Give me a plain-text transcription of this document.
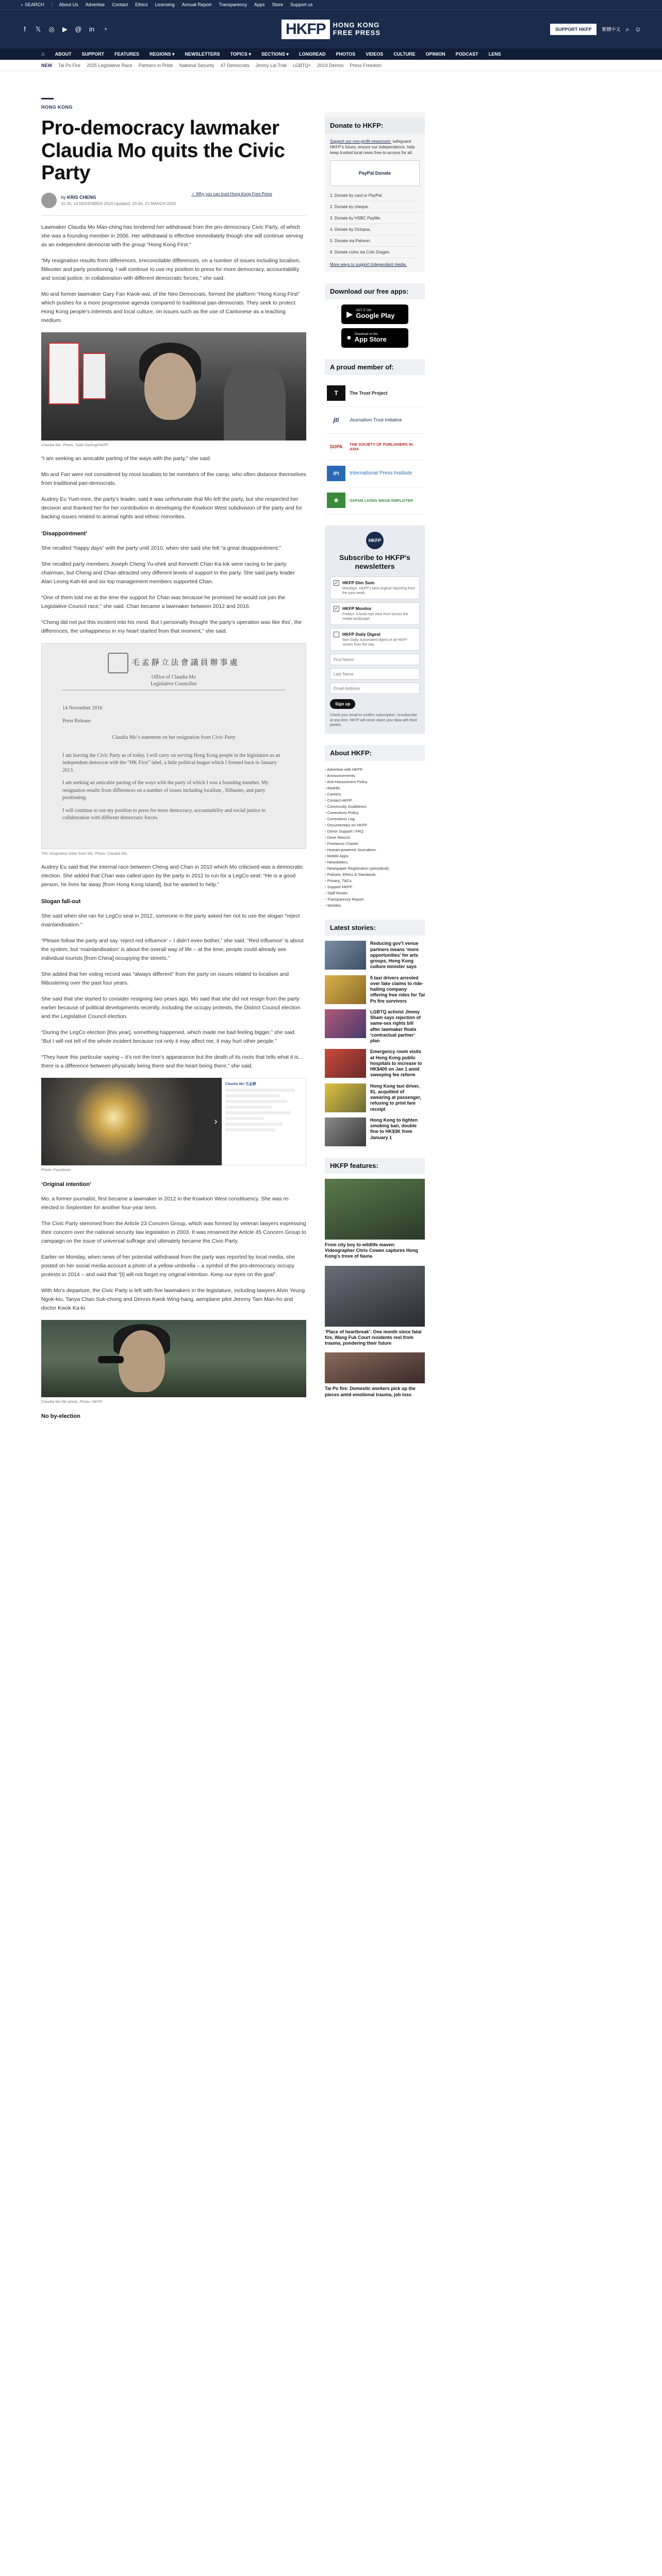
⌕ SEARCH	About Us Advertise Contact Ethics Licensing Annual Report Transparency Apps Store Support us
f	𝕏 ◎ ▶ @ in	◔	HKFP	HONG KONG
FREE PRESS	SUPPORT HKFP	繁體中文 ⌕ ☺
⌂ ABOUT SUPPORT FEATURES REGIONS ▾ NEWSLETTERS TOPICS ▾ SECTIONS ▾ LONGREAD PHOTOS VIDEOS CULTURE OPINION PODCAST LENS
NEW Tai Po Fire 2025 Legislative Race Partners in Pride National Security 47 Democrats Jimmy Lai Trial LGBTQ+ 2019 Demos Press Freedom
HONG KONG
Pro-democracy lawmaker Claudia Mo quits the Civic Party
by KRIS CHENG
15:30, 14 NOVEMBER 2016 Updated: 20:44, 21 MARCH 2020
✓ Why you can trust Hong Kong Free Press

Lawmaker Claudia Mo Man-ching has tendered her withdrawal from the pro-democracy Civic Party, of which she was a founding member in 2006. Her withdrawal is effective immediately though she will continue serving as an independent democrat with the group “Hong Kong First.”

“My resignation results from differences, irreconcilable differences, on a number of issues including localism, filibuster and party positioning. I will continue to use my position to press for more democracy, accountability and social justice, in collaboration with different democratic forces,” she said.

Mo and former lawmaker Gary Fan Kwok-wai, of the Neo Democrats, formed the platform “Hong Kong First” which pushes for a more progressive agenda compared to traditional pan-democrats. They seek to protect Hong Kong people’s interests and local culture, on issues such as the use of Cantonese as a teaching medium.

Claudia Mo. Photo: Todd Darling/HKFP.

“I am seeking an amicable parting of the ways with the party,” she said.

Mo and Fan were not considered by most localists to be members of the camp, who often distance themselves from traditional pan-democrats.

Audrey Eu Yuet-mee, the party’s leader, said it was unfortunate that Mo left the party, but she respected her decision and thanked her for her contribution in developing the Kowloon West subdivision of the party and for backing issues related to animal rights and ethnic minorities.

‘Disappointment’

She recalled “happy days” with the party until 2010, when she said she felt “a great disappointment.”

She recalled party members Joseph Cheng Yu-shek and Kenneth Chan Ka-lok were racing to be party chairman, but Cheng and Chan attracted very different levels of support in the party. She said party leader Alan Leong Kah-kit and six top management members supported Chan.

“One of them told me at the time the support for Chan was because he promised he would not join the Legislative Council race,” she said. Chan became a lawmaker between 2012 and 2016.

“Cheng did not put this incident into his mind. But I personally thought ‘the party’s operation was like this’, the differences, the unhappiness in my heart started from that moment,” she said.

毛孟靜立法會議員辦事處
Office of Claudia Mo
Legislative Councillor
14 November 2016
Press Release
Claudia Mo’s statement on her resignation from Civic Party
I am leaving the Civic Party as of today. I will carry on serving Hong Kong people in the legislature as an independent democrat with the “HK First” label, a little political league which I formed back in January 2013.
I am seeking an amicable parting of the ways with the party of which I was a founding member. My resignation results from differences on a number of issues including localism , filibuster, and party positioning.
I will continue to use my position to press for more democracy, accountability and social justice in collaboration with different democratic forces.
The resignation letter from Mo. Photo: Claudia Mo.

Audrey Eu said that the internal race between Cheng and Chan in 2010 which Mo criticised was a democratic election. She added that Chan was called upon by the party in 2012 to run for a LegCo seat: “He is a good person, he lives far away [from Hong Kong Island], but he wanted to help.”

Slogan fall-out

She said when she ran for LegCo seat in 2012, someone in the party asked her not to use the slogan “reject mainlandisation.”

“Please follow the party and say ‘reject red influence’ – I didn’t even bother,” she said. “Red influence’ is about the system, but ‘mainlandisation’ is about the overall way of life – at the time, people could already see individual tourists [from China] occupying the streets.”

She added that her voting record was “always different” from the party on issues related to localism and filibustering over the past four years.

She said that she started to consider resigning two years ago. Mo said that she did not resign from the party earlier because of political developments recently, including the occupy protests, the District Council election and the Legislative Council election.

“During the LegCo election [this year], something happened, which made me bad feeling bigger,” she said. “But I will not tell of the whole incident because not only it may affect me, it may hurt other people.”

“They have this particular saying – it’s not the tree’s appearance but the death of its roots that tells what it is… there is a difference between physically being there and the heart being there,” she said.

›
Claudia Mo 毛孟靜
Photo: Facebook.
‘Original intention’

Mo, a former journalist, first became a lawmaker in 2012 in the Kowloon West constituency. She was re-elected in September for another four-year term.

The Civic Party stemmed from the Article 23 Concern Group, which was formed by veteran lawyers expressing their concern over the national security law legislation in 2003. It was renamed the Article 45 Concern Group to campaign on the issue of universal suffrage and ultimately became the Civic Party.

Earlier on Monday, when news of her potential withdrawal from the party was reported by local media, she posted on her social media account a photo of a yellow umbrella – a symbol of the pro-democracy occupy protests in 2014 – and said that “[I] will not forget my original intention. Keep our eyes on the goal”.

With Mo’s departure, the Civic Party is left with five lawmakers in the legislature, including lawyers Alvin Yeung Ngok-kiu, Tanya Chan Suk-chong and Dennis Kwok Wing-hang, aeroplane pilot Jeremy Tam Man-ho and doctor Kwok Ka-ki.

Claudia Mo file photo. Photo: HKFP.
No by-election
Donate to HKFP:
Support our non-profit newsroom: safeguard HKFP’s future, ensure our independence, help keep trusted local news free-to-access for all.
PayPal Donate
1. Donate by card or PayPal.
2. Donate by cheque.
3. Donate by HSBC PayMe.
4. Donate by Octopus.
5. Donate via Patreon.
6. Donate coins via Coin Dragon.
More ways to support independent media.
Download our free apps:
▶ GET IT ON
Google Play
● Download on the
App Store
A proud member of:
T	The Trust Project
jti	Journalism Trust Initiative
SOPA	THE SOCIETY OF PUBLISHERS IN ASIA
IPI	International Press Institute
★	OXFAM LIVING WAGE EMPLOYER
HKFP
Subscribe to HKFP’s newsletters
✓ HKFP Dim Sum
Mondays. HKFP’s best original reporting from the past week.
✓ HKFP Monitor
Fridays. A birds-eye view from across the media landscape.
HKFP Daily Digest
9am Daily. Automated digest of all HKFP stories from the day.
First Name Last Name Email Address Sign up
Check your email to confirm subscription. Unsubscribe at any time. HKFP will never share your data with third parties.
About HKFP:
• Advertise with HKFP.
• Announcements.
• Anti-Harassment Policy.
• Awards.
• Careers.
• Contact HKFP.
• Community Guidelines.
• Corrections Policy.
• Corrections Log.
• Documentary on HKFP.
• Donor Support / FAQ.
• Dove Mascot.
• Freelance Charter.
• Human-powered Journalism.
• Mobile Apps.
• Newsletters.
• Newspaper Registration (periodical).
• Policies, Ethics & Standards.
• Privacy, T&Cs.
• Support HKFP.
• Staff Roster.
• Transparency Report.
• Wishlist.
Latest stories:
Reducing gov’t venue partners means ‘more opportunities’ for arts groups, Hong Kong culture minister says
5 taxi drivers arrested over fake claims to ride-hailing company offering free rides for Tai Po fire survivors
LGBTQ activist Jimmy Sham says rejection of same-sex rights bill after lawmaker floats ‘contractual partner’ plan
Emergency room visits at Hong Kong public hospitals to increase to HK$400 on Jan 1 amid sweeping fee reform
Hong Kong taxi driver, 81, acquitted of swearing at passenger, refusing to print fare receipt
Hong Kong to tighten smoking ban, double fine to HK$3K from January 1
HKFP features:
From city boy to wildlife maven: Videographer Chris Cowen captures Hong Kong’s trove of fauna
‘Place of heartbreak’: One month since fatal fire, Wang Fuk Court residents reel from trauma, pondering their future
Tai Po fire: Domestic workers pick up the pieces amid emotional trauma, job loss
